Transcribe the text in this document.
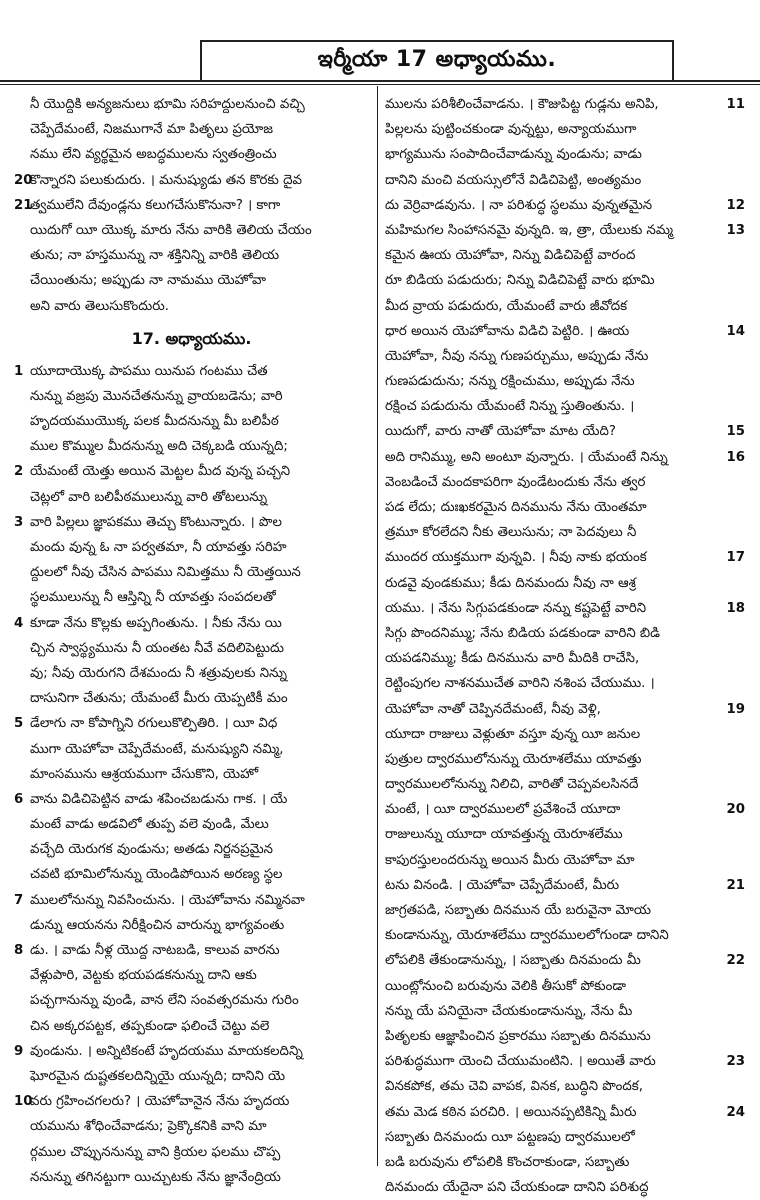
ఇర్మీయా 17 అధ్యాయము.
నీ యొద్దికి అన్యజనులు భూమి సరిహద్దులనుంచి వచ్చి
చెప్పేదేమంటే, నిజముగానే మా పితృలు ప్రయోజ
నము లేని వ్యర్థమైన అబద్ధములను స్వతంత్రించు
20కొన్నారని పలుకుదురు. । మనుష్యుడు తన కొరకు దైవ
21త్వములేని దేవుండ్లను కలుగచేసుకొనునా? । కాగా
యిదుగో యీ యొక్క మారు నేను వారికి తెలియ చేయం
తును; నా హస్తమున్ను నా శక్తినిన్ని వారికి తెలియ
చేయింతును; అప్పుడు నా నామము యెహోవా
అని వారు తెలుసుకొందురు.
17. అధ్యాయము.
1 యూదాయొక్క పాపము యినుప గంటము చేత
నున్ను వజ్రపు మొనచేతనున్ను వ్రాయబడెను; వారి
హృదయముయొక్క పలక మీదనున్ను మీ బలిపీఠ
ముల కొమ్ముల మీదనున్ను అది చెక్కబడి యున్నది;
2 యేమంటే యెత్తు అయిన మెట్టల మీద వున్న పచ్చని
చెట్లలో వారి బలిపీఠములున్ను వారి తోటలున్ను
3 వారి పిల్లలు జ్ఞాపకము తెచ్చు కొంటున్నారు. । పొల
మందు వున్న ఓ నా పర్వతమా, నీ యావత్తు సరిహ
ద్దులలో నీవు చేసిన పాపము నిమిత్తము నీ యెత్తయిన
స్థలములున్ను నీ ఆస్తిన్ని నీ యావత్తు సంపదలతో
4 కూడా నేను కొల్లకు అప్పగింతును. । నీకు నేను యి
చ్చిన స్వాస్థ్యమును నీ యంతట నీవే వదిలిపెట్టుదు
వు; నీవు యెరుగని దేశమందు నీ శత్రువులకు నిన్ను
దాసునిగా చేతును; యేమంటే మీరు యెప్పటికీ మం
5 డేలాగు నా కోపాగ్నిని రగులుకొల్పితిరి. । యీ విధ
ముగా యెహోవా చెప్పేదేమంటే, మనుష్యుని నమ్మి,
మాంసమును ఆశ్రయముగా చేసుకొని, యెహో
6 వాను విడిచిపెట్టిన వాడు శపించబడును గాక. । యే
మంటే వాడు అడవిలో తుప్ప వలె వుండి, మేలు
వచ్చేది యెరుగక వుండును; అతడు నిర్జనప్రమైన
చవటి భూమిలోనున్ను యెండిపోయిన అరణ్య స్థల
7 ములలోనున్ను నివసించును. । యెహోవాను నమ్మినవా
డున్ను ఆయనను నిరీక్షించిన వారున్ను భాగ్యవంతు
8 డు. । వాడు నీళ్ల యొద్ద నాటబడి, కాలువ వారను
వేళ్లుపారి, వెట్టకు భయపడకనున్ను దాని ఆకు
పచ్చగానున్ను వుండి, వాన లేని సంవత్సరమను గురిం
చిన అక్కరపట్టక, తప్పకుండా ఫలించే చెట్టు వలె
9 వుండును. । అన్నిటికంటే హృదయము మాయకలదిన్ని
ఘోరమైన దుష్టతకలదిన్నియై యున్నది; దానిని యె
10వరు గ్రహించగలరు? । యెహోవానైన నేను హృదయ
యమును శోధించేవాడను; ప్రెక్కొకనికి వాని మా
ర్గముల చొప్పుననున్ను వాని క్రియల ఫలము చొప్ప
ననున్ను తగినట్టుగా యిచ్చుటకు నేను జ్ఞానేంద్రియ
ములను పరిశీలించేవాడను. । కౌజుపిట్ట గుడ్లను అనిపి,	11
పిల్లలను పుట్టించకుండా వున్నట్టు, అన్యాయముగా
భాగ్యమును సంపాదించేవాడున్ను వుండును; వాడు
దానిని మంచి వయస్సులోనే విడిచిపెట్టి, అంత్యమం
దు వెర్రివాడవును. । నా పరిశుద్ధ స్థలము వున్నతమైన	12
మహిమగల సింహాసనమై వున్నది. ఇ, త్రా, యేలుకు నమ్మ	13
కమైన ఊయ యెహోవా, నిన్ను విడిచిపెట్టే వారంద
రూ బిడియ పడుదురు; నిన్ను విడిచిపెట్టే వారు భూమి
మీద వ్రాయ పడుదురు, యేమంటే వారు జీవోదక
ధార అయిన యెహోవాను విడిచి పెట్టిరి. । ఊయ	14
యెహోవా, నీవు నన్ను గుణపర్చుము, అప్పుడు నేను
గుణపడుదును; నన్ను రక్షించుము, అప్పుడు నేను
రక్షించ పడుదును యేమంటే నిన్ను స్తుతింతును. ।
యిదుగో, వారు నాతో యెహోవా మాట యేది?	15
అది రానిమ్ము, అని అంటూ వున్నారు. । యేమంటే నిన్ను	16
వెంబడించే మందకాపరిగా వుండేటందుకు నేను త్వర
పడ లేదు; దుఃఖకరమైన దినమును నేను యెంతమా
త్రమూ కోరలేదని నీకు తెలుసును; నా పెదవులు నీ
ముందర యుక్తముగా వున్నవి. । నీవు నాకు భయంక	17
రుడవై వుండకుము; కీడు దినమందు నీవు నా ఆశ్ర
యము. । నేను సిగ్గుపడకుండా నన్ను కష్టపెట్టే వారిని	18
సిగ్గు పొందనిమ్ము; నేను బిడియ పడకుండా వారిని బిడి
యపడనిమ్ము; కీడు దినమును వారి మీదికి రాచేసి,
రెట్టింపుగల నాశనముచేత వారిని నశింప చేయుము. ।
యెహోవా నాతో చెప్పినదేమంటే, నీవు వెళ్లి,	19
యూదా రాజులు వెళ్లుతూ వస్తూ వున్న యీ జనుల
పుత్రుల ద్వారములోనున్ను యెరూశలేము యావత్తు
ద్వారములలోనున్ను నిలిచి, వారితో చెప్పవలసినదే
మంటే, । యీ ద్వారములలో ప్రవేశించే యూదా	20
రాజులున్ను యూదా యావత్తున్న యెరూశలేము
కాపురస్తులందరున్ను అయిన మీరు యెహోవా మా
టను వినండి. । యెహోవా చెప్పేదేమంటే, మీరు	21
జాగ్రతపడి, సబ్బాతు దినమున యే బరువైనా మోయ
కుండానున్ను, యెరూశలేము ద్వారములలోగుండా దానిని
లోపలికి తేకుండానున్ను, । సబ్బాతు దినమందు మీ	22
యింట్లోనుంచి బరువును వెలికి తీసుకో పోకుండా
నన్ను యే పనియైనా చేయకుండానున్ను, నేను మీ
పితృలకు ఆజ్ఞాపించిన ప్రకారము సబ్బాతు దినమును
పరిశుద్ధముగా యెంచి చేయుమంటిని. । అయితే వారు	23
వినకపోక, తమ చెవి వాపక, వినక, బుద్ధిని పొందక,
తమ మెడ కఠిన పరచిరి. । అయినప్పటికిన్ని మీరు	24
సబ్బాతు దినమందు యీ పట్టణపు ద్వారములలో
బడి బరువును లోపలికి కొంచరాకుండా, సబ్బాతు
దినమందు యేదైనా పని చేయకుండా దానిని పరిశుద్ధ
